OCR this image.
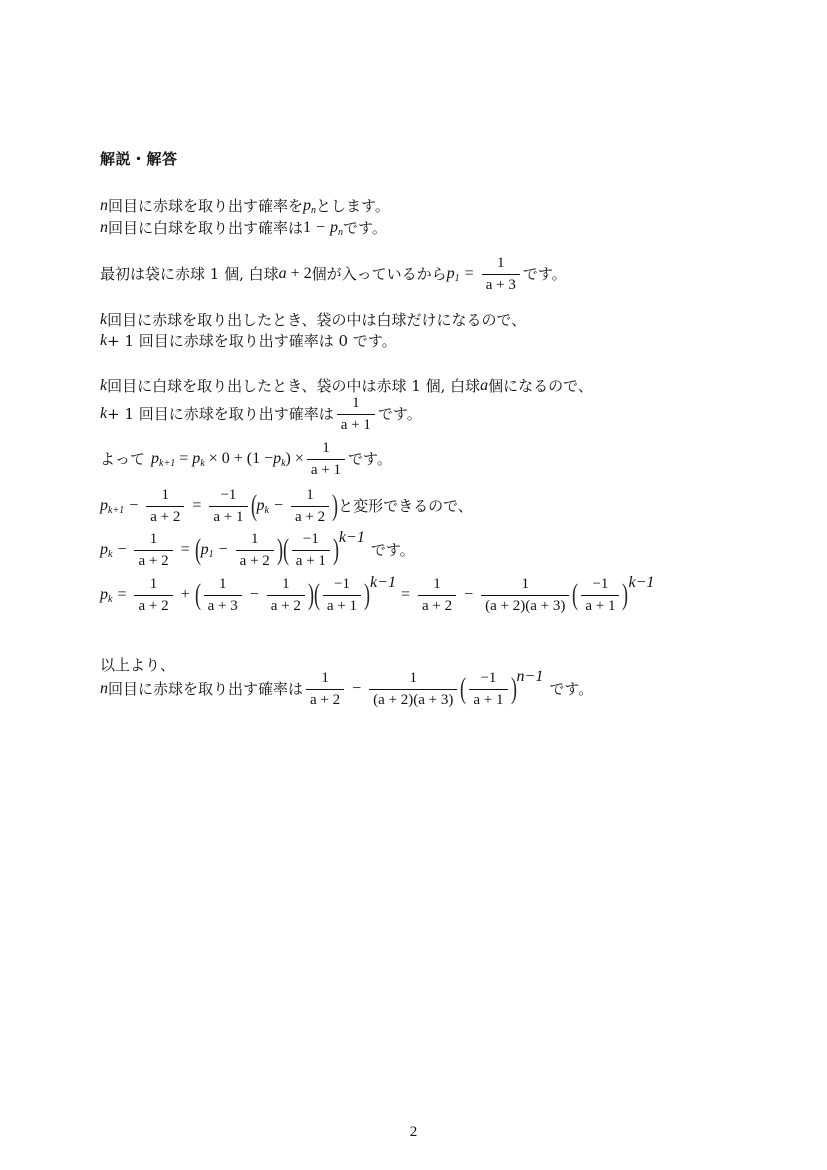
解説・解答
n 回目に赤球を取り出す確率を $p_n$ とします。
n 回目に白球を取り出す確率は $1 - p_n$ です。
最初は袋に赤球 1 個, 白球 a + 2 個が入っているから $p_1 = \frac{1}{a + 3}$ です。
k 回目に赤球を取り出したとき、袋の中は白球だけになるので、
k + 1 回目に赤球を取り出す確率は 0 です。
k 回目に白球を取り出したとき、袋の中は赤球 1 個, 白球 a 個になるので、
k + 1 回目に赤球を取り出す確率は $\frac{1}{a + 1}$ です。
よって $p_{k+1} = p_k \times 0 + (1 - p_k$ ) × $\frac{1}{a + 1}$ です。
$p_{k+1} - \frac{1}{a + 2} = \frac{-1}{a + 1}$ ( $p_k - \frac{1}{a + 2}$ ) と変形できるので、
$p_k - \frac{1}{a + 2}$ = ( $p_1 - \frac{1}{a + 2}$ ) ( $\frac{-1}{a + 1} )^{k-1}$
です。
$p_k = \frac{1}{a + 2}$ + ( $\frac{1}{a + 3} - \frac{1}{a + 2}$ ) ( $\frac{-1}{a + 1} )^{k-1}$
= $\frac{1}{a + 2} - \frac{1}{(a + 2)(a + 3)}$ ( $\frac{-1}{a + 1} )^{k-1}$
以上より、
n 回目に赤球を取り出す確率は $\frac{1}{a + 2} - \frac{1}{(a + 2)(a + 3)}$ ( $\frac{-1}{a + 1} )^{n-1}$
です。
2
